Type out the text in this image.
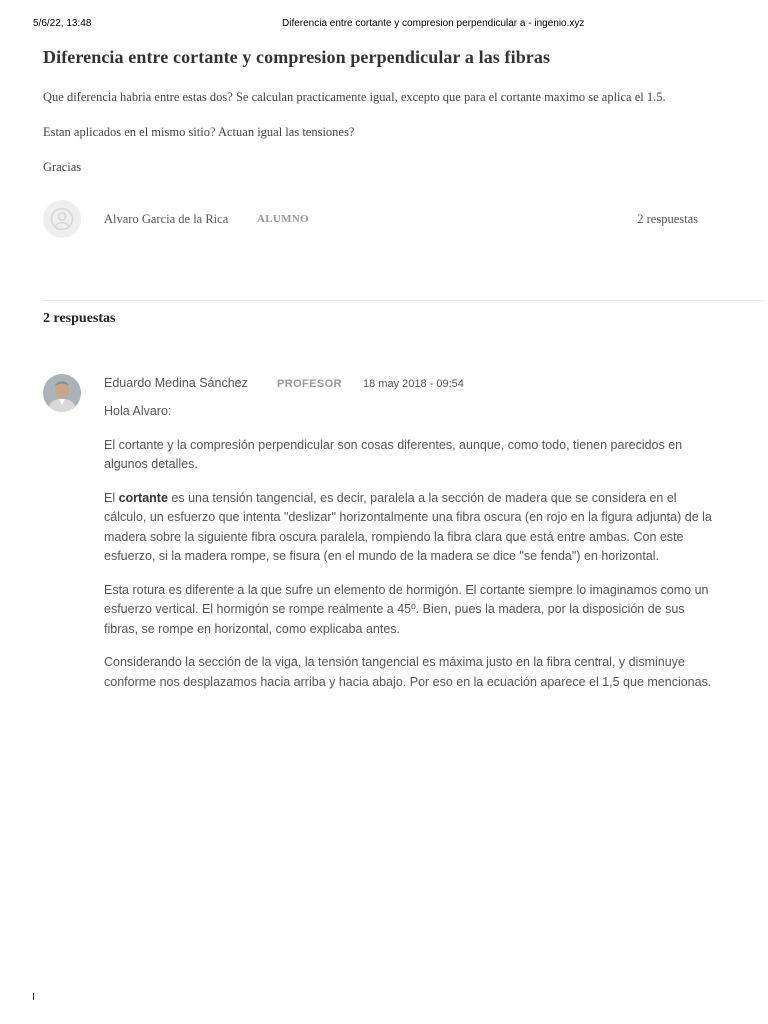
5/6/22, 13:48	Diferencia entre cortante y compresion perpendicular a - ingenio.xyz
Diferencia entre cortante y compresion perpendicular a las fibras

Que diferencia habria entre estas dos? Se calculan practicamente igual, excepto que para el cortante maximo se aplica el 1.5.

Estan aplicados en el mismo sitio? Actuan igual las tensiones?

Gracias

Alvaro Garcia de la Rica	ALUMNO	2 respuestas
2 respuestas
Eduardo Medina Sánchez	PROFESOR 18 may 2018 - 09:54

Hola Alvaro:

El cortante y la compresión perpendicular son cosas diferentes, aunque, como todo, tienen parecidos en algunos detalles.

El cortante es una tensión tangencial, es decir, paralela a la sección de madera que se considera en el cálculo, un esfuerzo que intenta "deslizar" horizontalmente una fibra oscura (en rojo en la figura adjunta) de la madera sobre la siguiente fibra oscura paralela, rompiendo la fibra clara que está entre ambas. Con este esfuerzo, si la madera rompe, se fisura (en el mundo de la madera se dice "se fenda") en horizontal.

Esta rotura es diferente a la que sufre un elemento de hormigón. El cortante siempre lo imaginamos como un esfuerzo vertical. El hormigón se rompe realmente a 45º. Bien, pues la madera, por la disposición de sus fibras, se rompe en horizontal, como explicaba antes.

Considerando la sección de la viga, la tensión tangencial es máxima justo en la fibra central, y disminuye conforme nos desplazamos hacia arriba y hacia abajo. Por eso en la ecuación aparece el 1,5 que mencionas.
